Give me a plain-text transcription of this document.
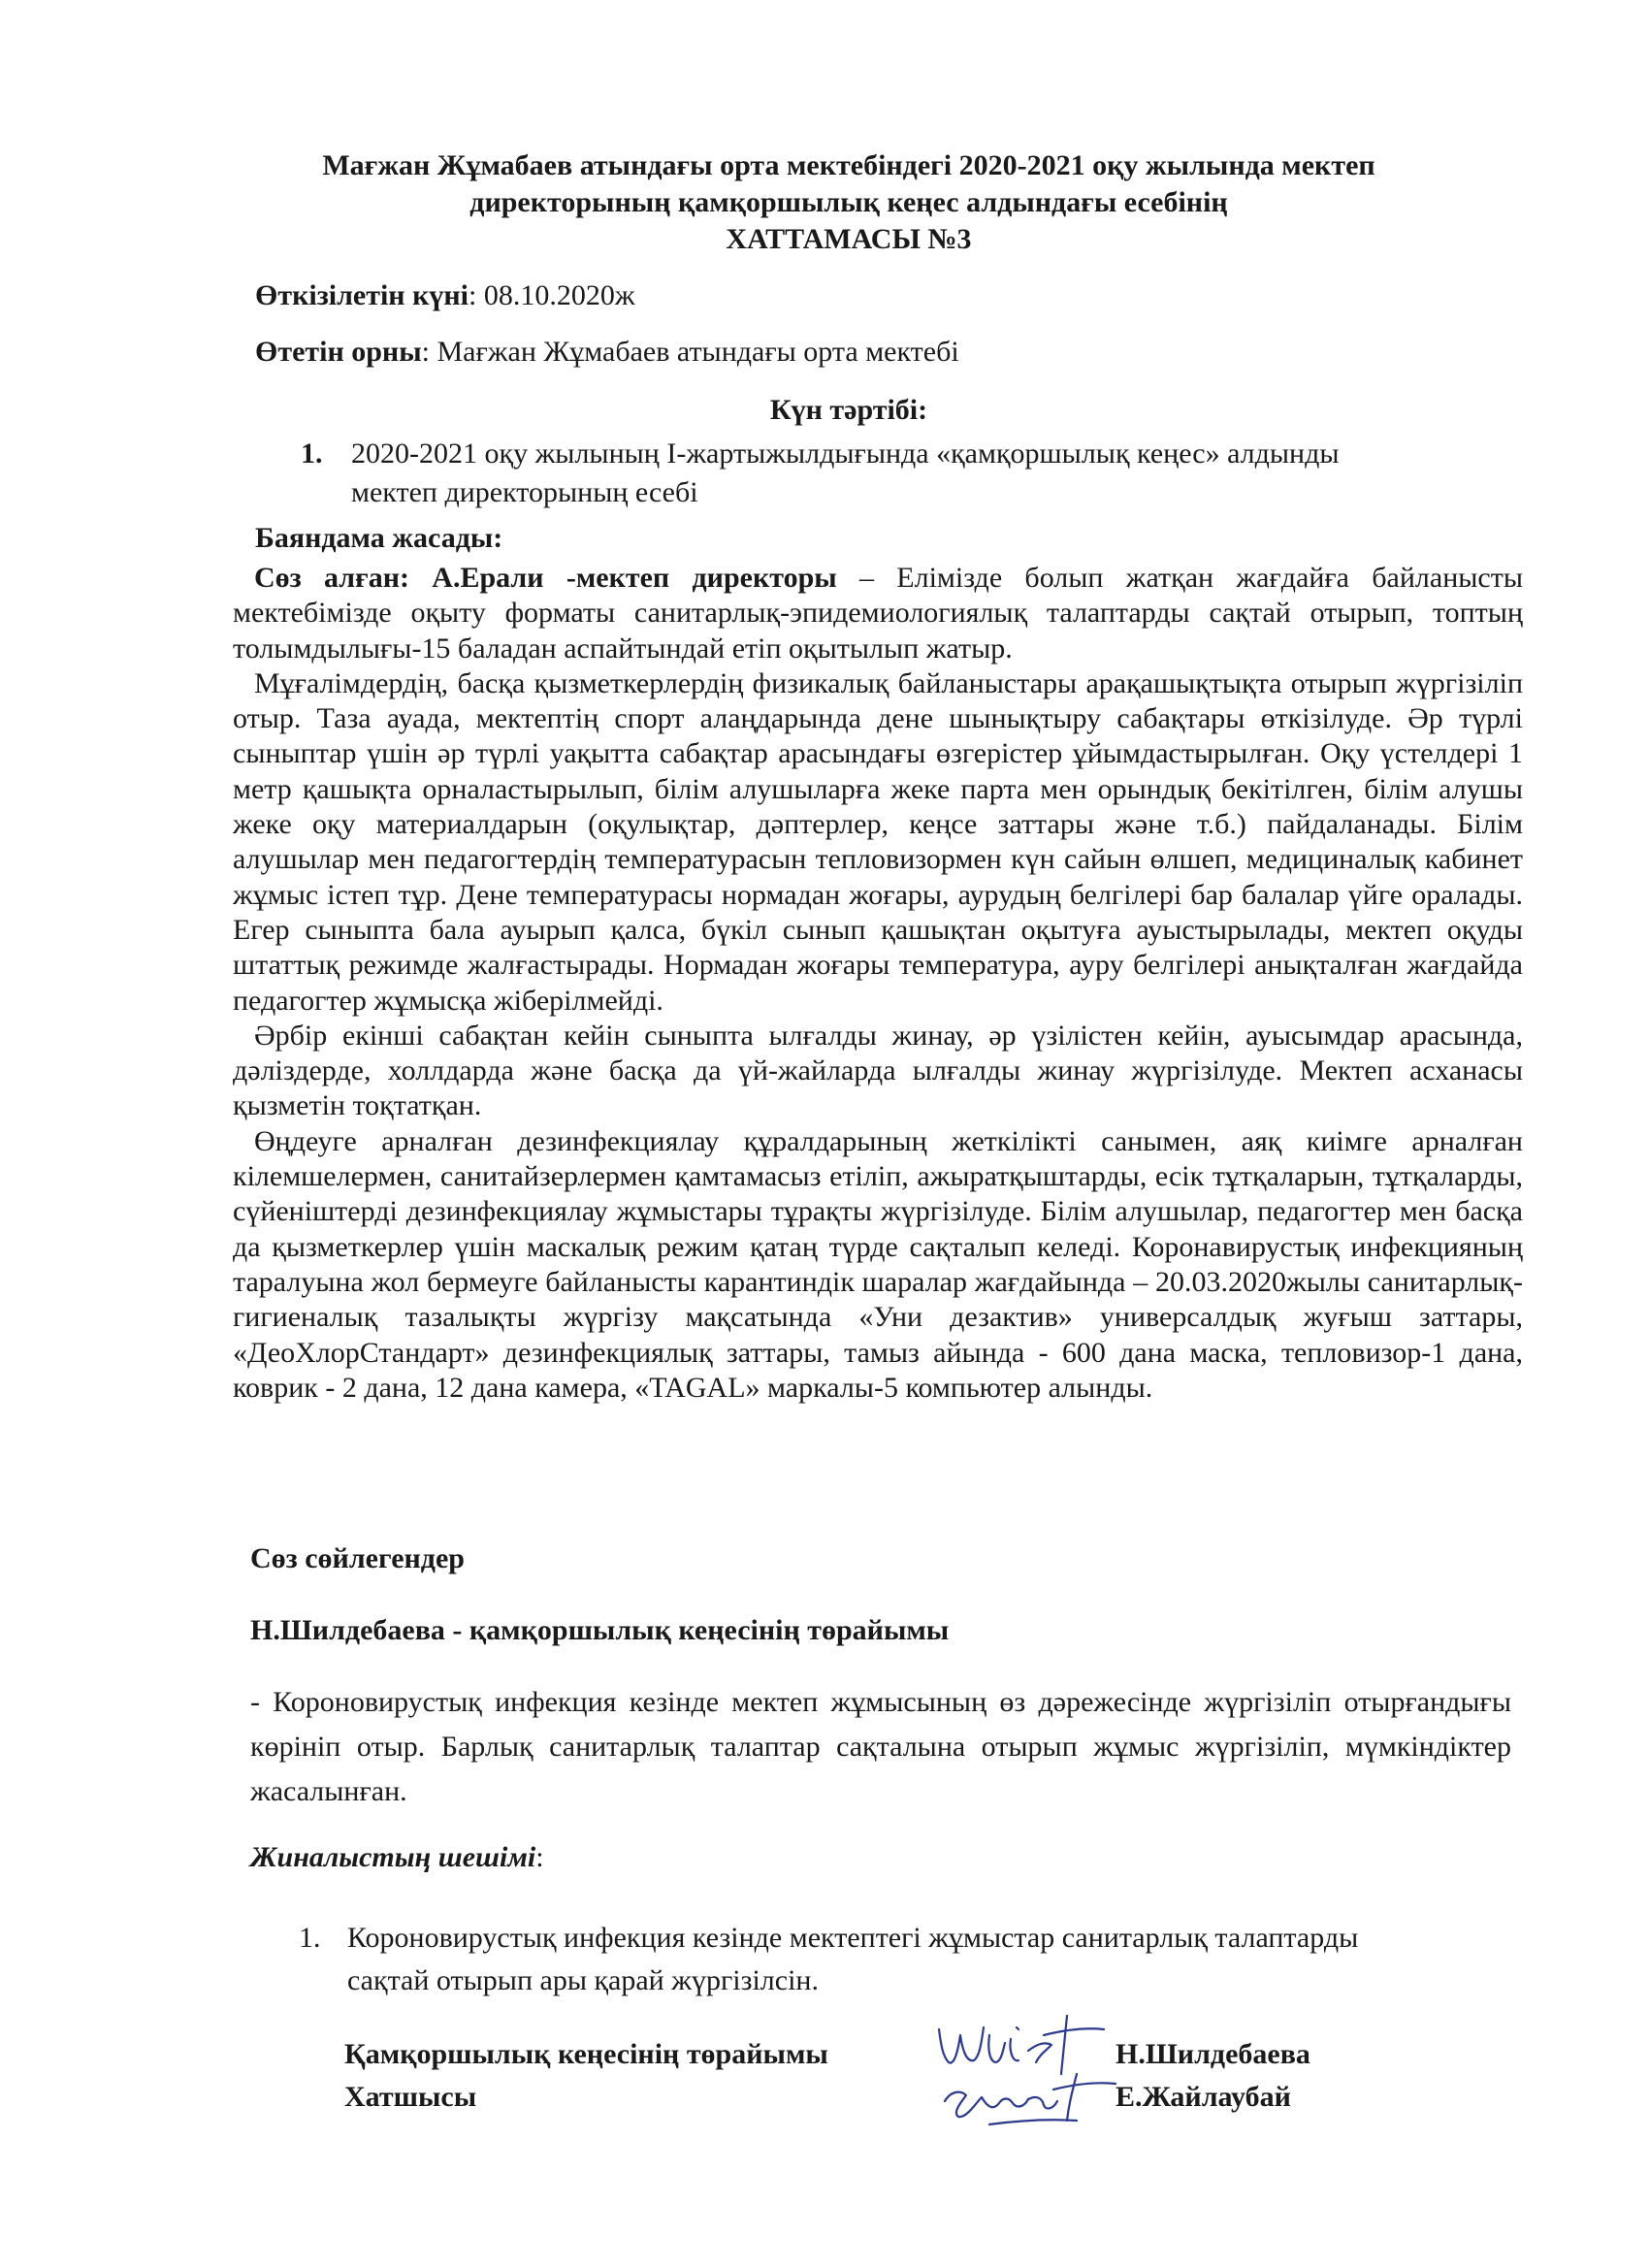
Мағжан Жұмабаев атындағы орта мектебіндегі 2020-2021 оқу жылында мектеп
директорының қамқоршылық кеңес алдындағы есебінің
ХАТТАМАСЫ №3
Өткізілетін күні: 08.10.2020ж
Өтетін орны: Мағжан Жұмабаев атындағы орта мектебі
Күн тәртібі:
1. 2020-2021 оқу жылының I-жартыжылдығында «қамқоршылық кеңес» алдынды
мектеп директорының есебі
Баяндама жасады:

Сөз алған: А.Ерали -мектеп директоры – Елімізде болып жатқан жағдайға байланысты мектебімізде оқыту форматы санитарлық-эпидемиологиялық талаптарды сақтай отырып, топтың толымдылығы-15 баладан аспайтындай етіп оқытылып жатыр.

Мұғалімдердің, басқа қызметкерлердің физикалық байланыстары арақашықтықта отырып жүргізіліп отыр. Таза ауада, мектептің спорт алаңдарында дене шынықтыру сабақтары өткізілуде. Әр түрлі сыныптар үшін әр түрлі уақытта сабақтар арасындағы өзгерістер ұйымдастырылған. Оқу үстелдері 1 метр қашықта орналастырылып, білім алушыларға жеке парта мен орындық бекітілген, білім алушы жеке оқу материалдарын (оқулықтар, дәптерлер, кеңсе заттары және т.б.) пайдаланады. Білім алушылар мен педагогтердің температурасын тепловизормен күн сайын өлшеп, медициналық кабинет жұмыс істеп тұр. Дене температурасы нормадан жоғары, аурудың белгілері бар балалар үйге оралады. Егер сыныпта бала ауырып қалса, бүкіл сынып қашықтан оқытуға ауыстырылады, мектеп оқуды штаттық режимде жалғастырады. Нормадан жоғары температура, ауру белгілері анықталған жағдайда педагогтер жұмысқа жіберілмейді.

Әрбір екінші сабақтан кейін сыныпта ылғалды жинау, әр үзілістен кейін, ауысымдар арасында, дәліздерде, холлдарда және басқа да үй-жайларда ылғалды жинау жүргізілуде. Мектеп асханасы қызметін тоқтатқан.

Өңдеуге арналған дезинфекциялау құралдарының жеткілікті санымен, аяқ киімге арналған кілемшелермен, санитайзерлермен қамтамасыз етіліп, ажыратқыштарды, есік тұтқаларын, тұтқаларды, сүйеніштерді дезинфекциялау жұмыстары тұрақты жүргізілуде. Білім алушылар, педагогтер мен басқа да қызметкерлер үшін маскалық режим қатаң түрде сақталып келеді. Коронавирустық инфекцияның таралуына жол бермеуге байланысты карантиндік шаралар жағдайында – 20.03.2020жылы санитарлық-гигиеналық тазалықты жүргізу мақсатында «Уни дезактив» универсалдық жуғыш заттары, «ДеоХлорСтандарт» дезинфекциялық заттары, тамыз айында - 600 дана маска, тепловизор-1 дана, коврик - 2 дана, 12 дана камера, «TAGAL» маркалы-5 компьютер алынды.

Сөз сөйлегендер
Н.Шилдебаева - қамқоршылық кеңесінің төрайымы
- Короновирустық инфекция кезінде мектеп жұмысының өз дәрежесінде жүргізіліп отырғандығы көрініп отыр. Барлық санитарлық талаптар сақталына отырып жұмыс жүргізіліп, мүмкіндіктер жасалынған.
Жиналыстың шешімі:
1. Короновирустық инфекция кезінде мектептегі жұмыстар санитарлық талаптарды
сақтай отырып ары қарай жүргізілсін.
Қамқоршылық кеңесінің төрайымы
Хатшысы
Н.Шилдебаева
Е.Жайлаубай
